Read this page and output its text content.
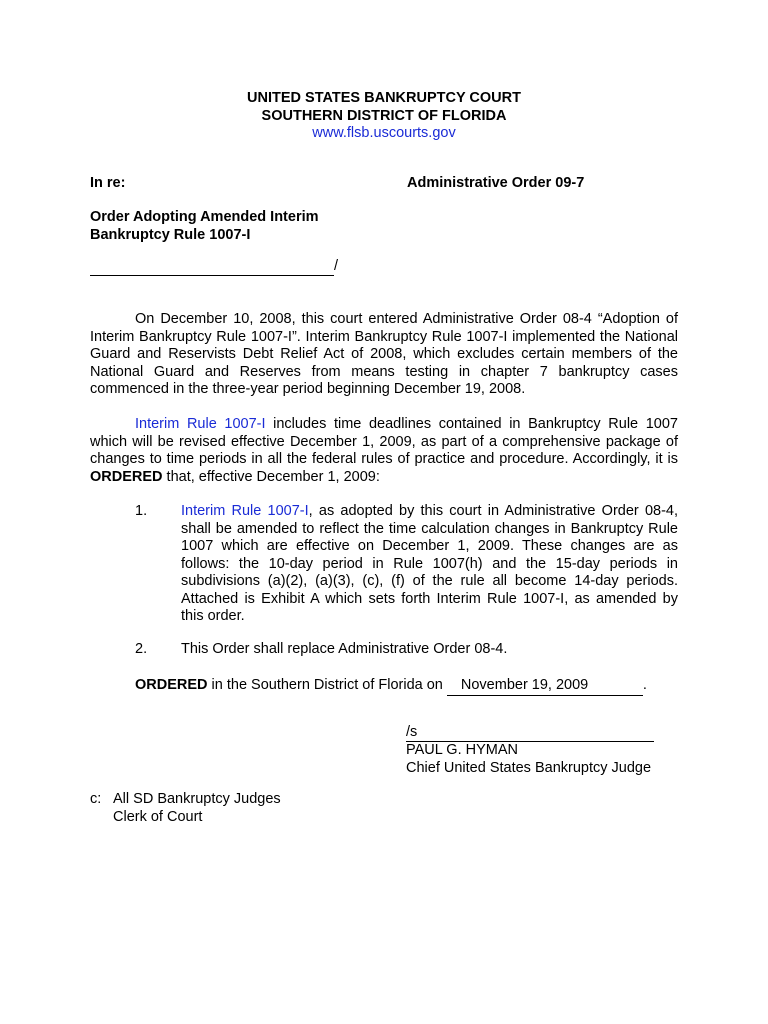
UNITED STATES BANKRUPTCY COURT
SOUTHERN DISTRICT OF FLORIDA
www.flsb.uscourts.gov
In re:	Administrative Order 09-7
Order Adopting Amended Interim
Bankruptcy Rule 1007-I
/
On December 10, 2008, this court entered Administrative Order 08-4 “Adoption of Interim Bankruptcy Rule 1007-I”. Interim Bankruptcy Rule 1007-I implemented the National Guard and Reservists Debt Relief Act of 2008, which excludes certain members of the National Guard and Reserves from means testing in chapter 7 bankruptcy cases commenced in the three-year period beginning December 19, 2008.
Interim Rule 1007-I includes time deadlines contained in Bankruptcy Rule 1007 which will be revised effective December 1, 2009, as part of a comprehensive package of changes to time periods in all the federal rules of practice and procedure. Accordingly, it is ORDERED that, effective December 1, 2009:
1. Interim Rule 1007-I, as adopted by this court in Administrative Order 08-4, shall be amended to reflect the time calculation changes in Bankruptcy Rule 1007 which are effective on December 1, 2009. These changes are as follows: the 10-day period in Rule 1007(h) and the 15-day periods in subdivisions (a)(2), (a)(3), (c), (f) of the rule all become 14-day periods. Attached is Exhibit A which sets forth Interim Rule 1007-I, as amended by this order.
2. This Order shall replace Administrative Order 08-4.
ORDERED in the Southern District of Florida on November 19, 2009	.
/s
PAUL G. HYMAN
Chief United States Bankruptcy Judge
c: All SD Bankruptcy Judges
Clerk of Court
